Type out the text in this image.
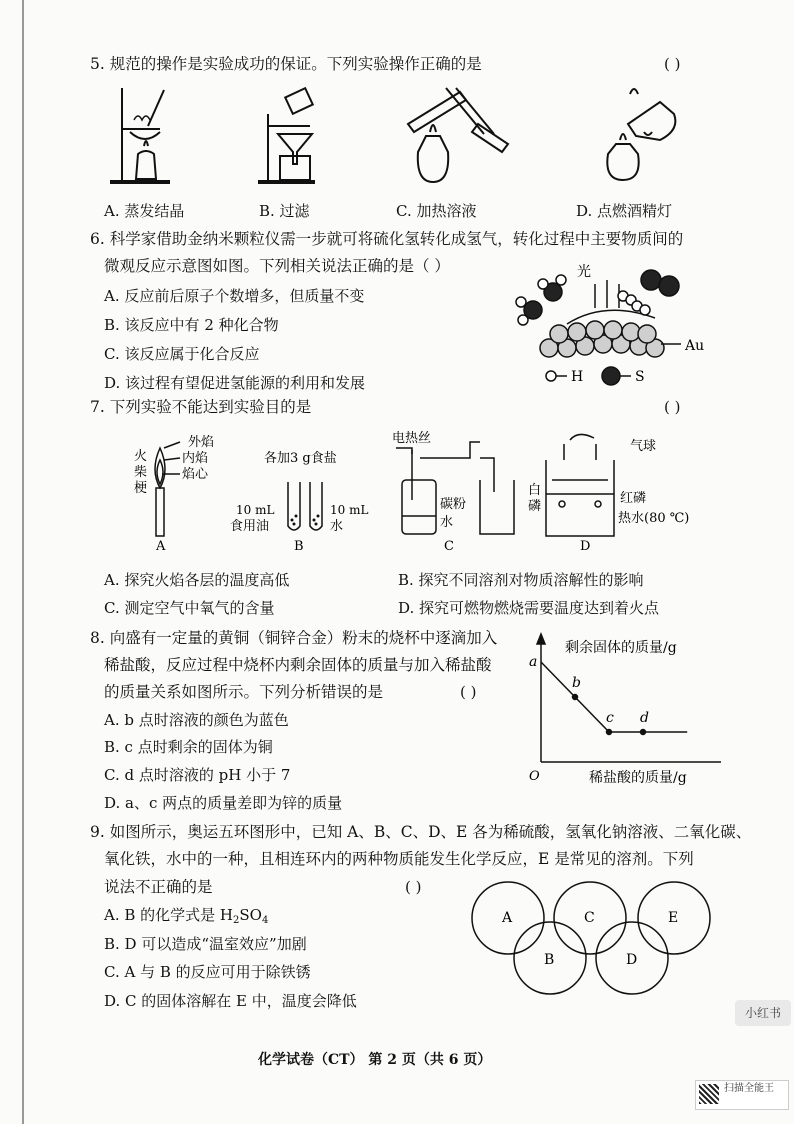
5. 规范的操作是实验成功的保证。下列实验操作正确的是	( )
A. 蒸发结晶	B. 过滤	C. 加热溶液	D. 点燃酒精灯
6. 科学家借助金纳米颗粒仪需一步就可将硫化氢转化成氢气，转化过程中主要物质间的
微观反应示意图如图。下列相关说法正确的是（ ）
A. 反应前后原子个数增多，但质量不变
B. 该反应中有 2 种化合物
C. 该反应属于化合反应
D. 该过程有望促进氢能源的利用和发展
光
Au
H	S
7. 下列实验不能达到实验目的是	( )
外焰
内焰
焰心
火
柴
梗
A
各加3 g食盐
10 mL
食用油
10 mL
水
B
电热丝
碳粉
水
C
气球
白
磷
红磷
热水(80 ℃)
D
A. 探究火焰各层的温度高低	B. 探究不同溶剂对物质溶解性的影响
C. 测定空气中氧气的含量	D. 探究可燃物燃烧需要温度达到着火点
8. 向盛有一定量的黄铜（铜锌合金）粉末的烧杯中逐滴加入
稀盐酸，反应过程中烧杯内剩余固体的质量与加入稀盐酸
的质量关系如图所示。下列分析错误的是	( )
A. b 点时溶液的颜色为蓝色
B. c 点时剩余的固体为铜
C. d 点时溶液的 pH 小于 7
D. a、c 两点的质量差即为锌的质量
剩余固体的质量/g
稀盐酸的质量/g
O
a
b
c d
9. 如图所示，奥运五环图形中，已知 A、B、C、D、E 各为稀硫酸，氢氧化钠溶液、二氧化碳、
氧化铁，水中的一种，且相连环内的两种物质能发生化学反应，E 是常见的溶剂。下列
说法不正确的是	( )
A. B 的化学式是 $H_2SO_4$
B. D 可以造成“温室效应”加剧
C. A 与 B 的反应可用于除铁锈
D. C 的固体溶解在 E 中，温度会降低
A
B
C
D
E
小红书
化学试卷（CT） 第 2 页（共 6 页）
扫描全能王
